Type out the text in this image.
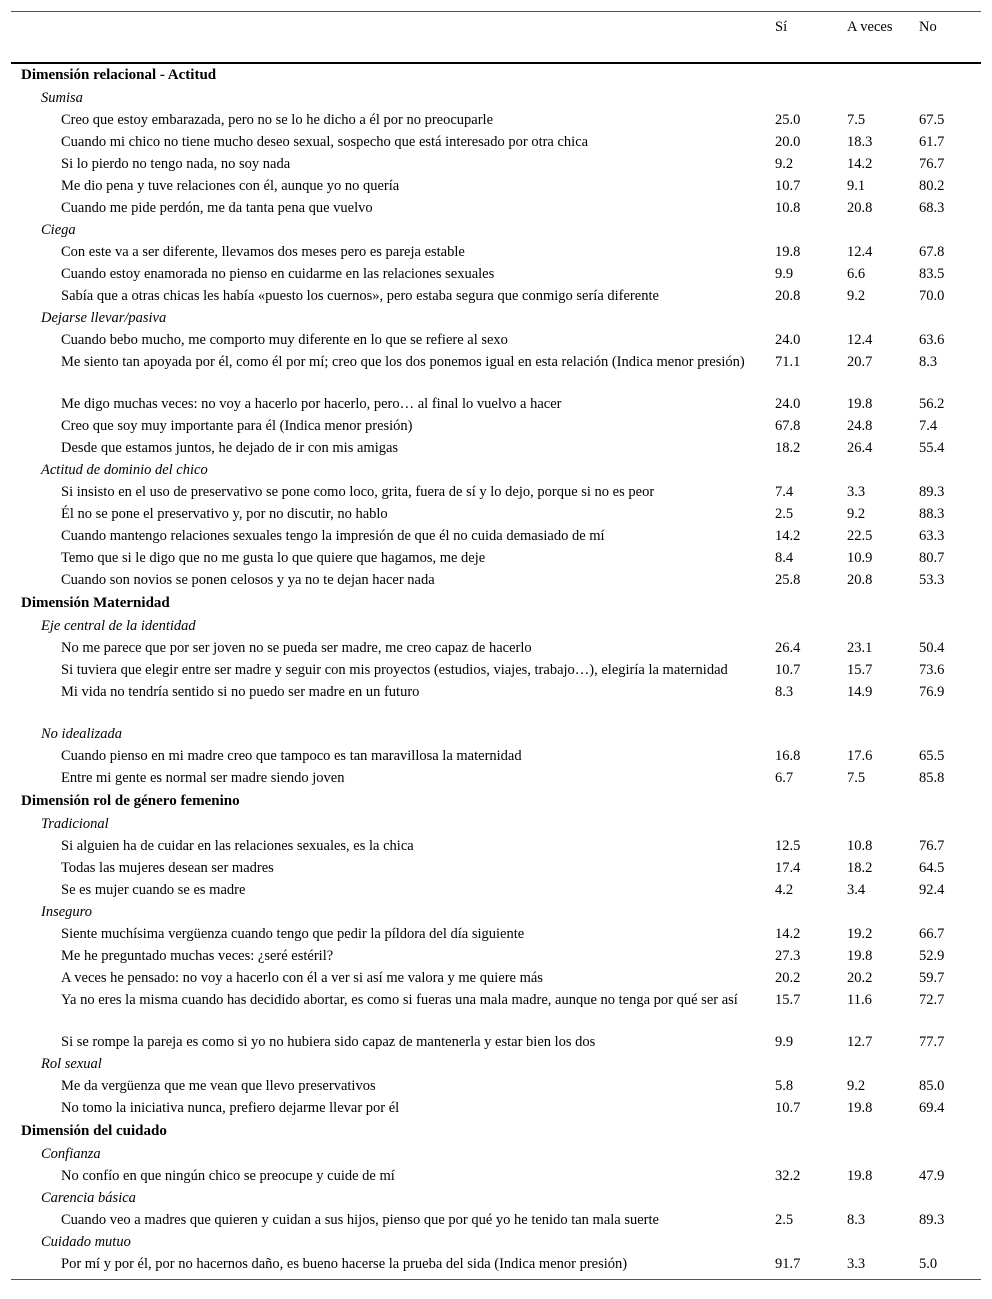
Sí	A veces No
Dimensión relacional - Actitud
Sumisa
Creo que estoy embarazada, pero no se lo he dicho a él por no preocuparle	25.0	7.5	67.5
Cuando mi chico no tiene mucho deseo sexual, sospecho que está interesado por otra chica	20.0	18.3	61.7
Si lo pierdo no tengo nada, no soy nada	9.2	14.2	76.7
Me dio pena y tuve relaciones con él, aunque yo no quería	10.7	9.1	80.2
Cuando me pide perdón, me da tanta pena que vuelvo	10.8	20.8	68.3
Ciega
Con este va a ser diferente, llevamos dos meses pero es pareja estable	19.8	12.4	67.8
Cuando estoy enamorada no pienso en cuidarme en las relaciones sexuales	9.9	6.6	83.5
Sabía que a otras chicas les había «puesto los cuernos», pero estaba segura que conmigo sería diferente	20.8	9.2	70.0
Dejarse llevar/pasiva
Cuando bebo mucho, me comporto muy diferente en lo que se refiere al sexo	24.0	12.4	63.6
Me siento tan apoyada por él, como él por mí; creo que los dos ponemos igual en esta relación (Indica menor presión) 71.1	20.7	8.3
Me digo muchas veces: no voy a hacerlo por hacerlo, pero… al final lo vuelvo a hacer	24.0	19.8	56.2
Creo que soy muy importante para él (Indica menor presión)	67.8	24.8	7.4
Desde que estamos juntos, he dejado de ir con mis amigas	18.2	26.4	55.4
Actitud de dominio del chico
Si insisto en el uso de preservativo se pone como loco, grita, fuera de sí y lo dejo, porque si no es peor	7.4	3.3	89.3
Él no se pone el preservativo y, por no discutir, no hablo	2.5	9.2	88.3
Cuando mantengo relaciones sexuales tengo la impresión de que él no cuida demasiado de mí	14.2	22.5	63.3
Temo que si le digo que no me gusta lo que quiere que hagamos, me deje	8.4	10.9	80.7
Cuando son novios se ponen celosos y ya no te dejan hacer nada	25.8	20.8	53.3
Dimensión Maternidad
Eje central de la identidad
No me parece que por ser joven no se pueda ser madre, me creo capaz de hacerlo	26.4	23.1	50.4
Si tuviera que elegir entre ser madre y seguir con mis proyectos (estudios, viajes, trabajo…), elegiría la maternidad	10.7	15.7	73.6
Mi vida no tendría sentido si no puedo ser madre en un futuro	8.3	14.9	76.9
No idealizada
Cuando pienso en mi madre creo que tampoco es tan maravillosa la maternidad	16.8	17.6	65.5
Entre mi gente es normal ser madre siendo joven	6.7	7.5	85.8
Dimensión rol de género femenino
Tradicional
Si alguien ha de cuidar en las relaciones sexuales, es la chica	12.5	10.8	76.7
Todas las mujeres desean ser madres	17.4	18.2	64.5
Se es mujer cuando se es madre	4.2	3.4	92.4
Inseguro
Siente muchísima vergüenza cuando tengo que pedir la píldora del día siguiente	14.2	19.2	66.7
Me he preguntado muchas veces: ¿seré estéril?	27.3	19.8	52.9
A veces he pensado: no voy a hacerlo con él a ver si así me valora y me quiere más	20.2	20.2	59.7
Ya no eres la misma cuando has decidido abortar, es como si fueras una mala madre, aunque no tenga por qué ser así	15.7	11.6	72.7
Si se rompe la pareja es como si yo no hubiera sido capaz de mantenerla y estar bien los dos	9.9	12.7	77.7
Rol sexual
Me da vergüenza que me vean que llevo preservativos	5.8	9.2	85.0
No tomo la iniciativa nunca, prefiero dejarme llevar por él	10.7	19.8	69.4
Dimensión del cuidado
Confianza
No confío en que ningún chico se preocupe y cuide de mí	32.2	19.8	47.9
Carencia básica
Cuando veo a madres que quieren y cuidan a sus hijos, pienso que por qué yo he tenido tan mala suerte	2.5	8.3	89.3
Cuidado mutuo
Por mí y por él, por no hacernos daño, es bueno hacerse la prueba del sida (Indica menor presión)	91.7	3.3	5.0
